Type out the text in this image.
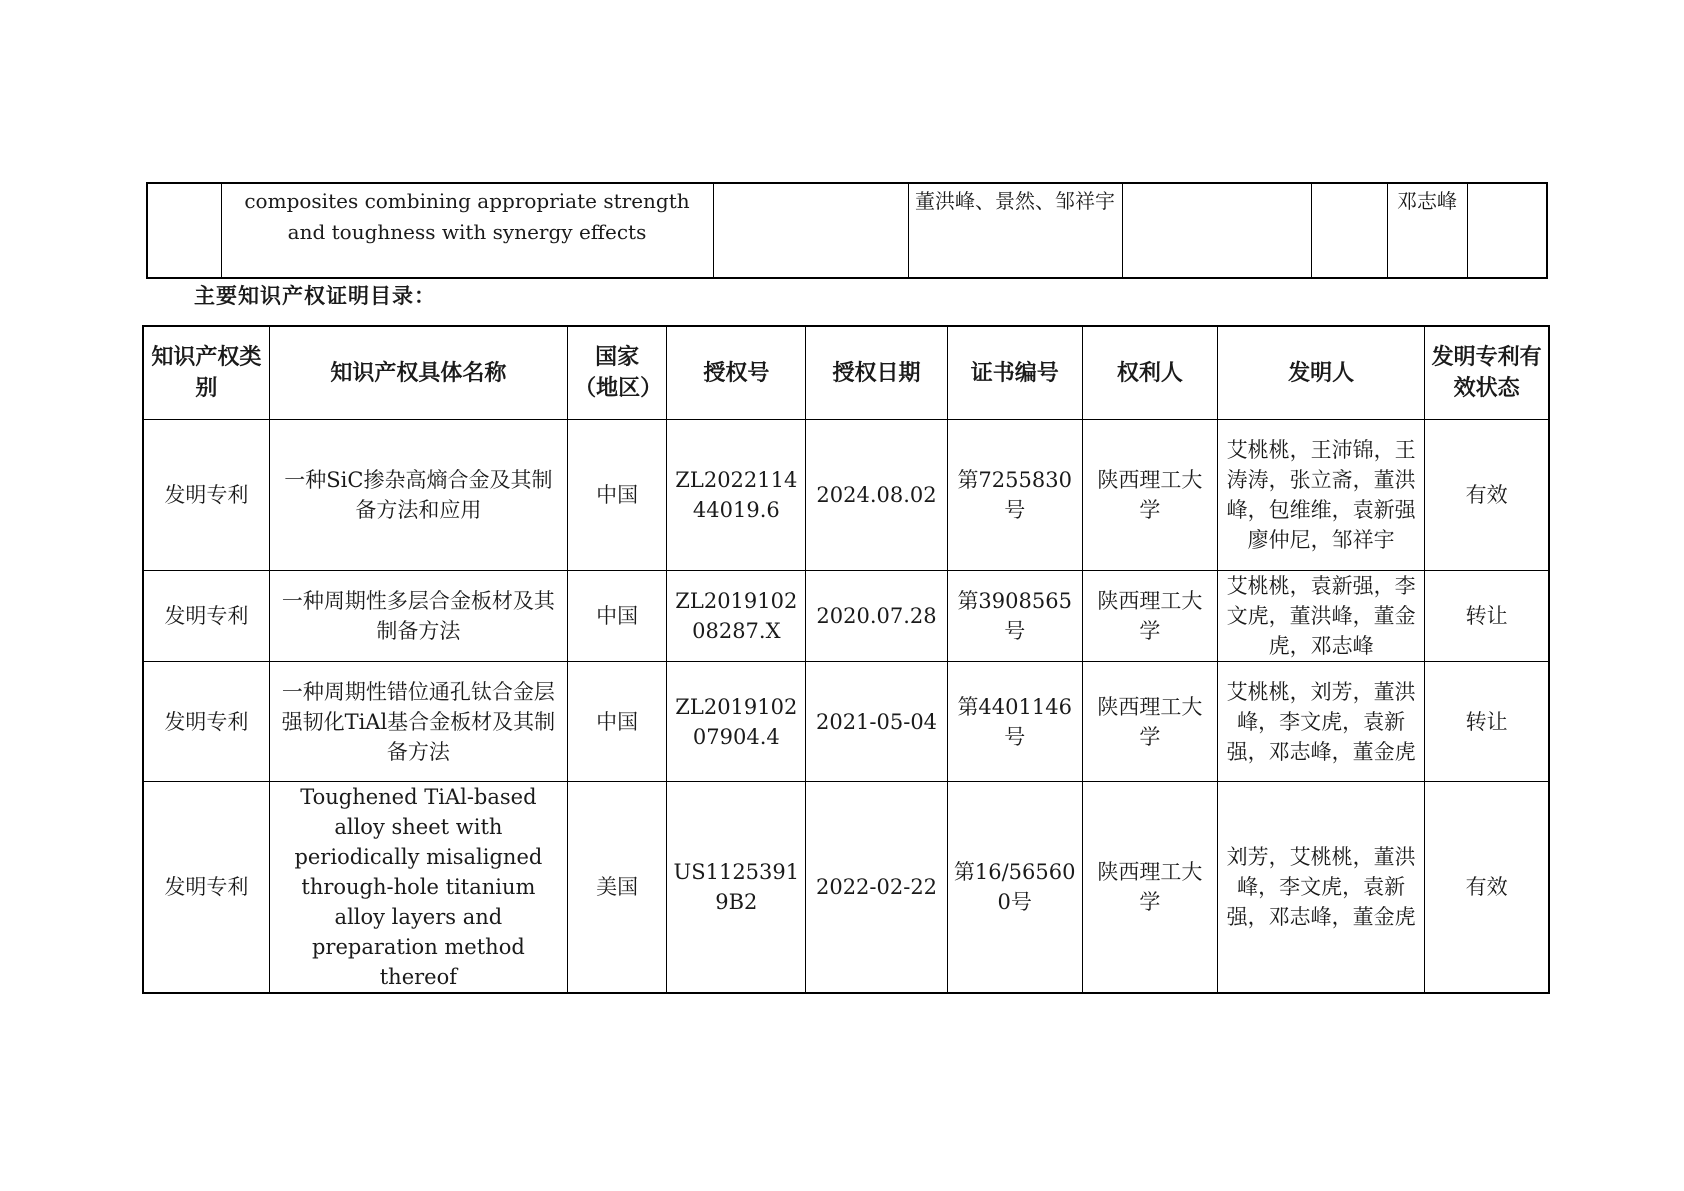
	composites combining appropriate strength and toughness with synergy effects		董洪峰、景然、邹祥宇			邓志峰	
主要知识产权证明目录：
知识产权类别	知识产权具体名称	国家（地区）	授权号	授权日期	证书编号	权利人	发明人	发明专利有效状态
发明专利	一种SiC掺杂高熵合金及其制备方法和应用	中国	ZL202211444019.6	2024.08.02	第7255830号	陕西理工大学	艾桃桃，王沛锦，王涛涛，张立斋，董洪峰，包维维，袁新强 廖仲尼，邹祥宇	有效
发明专利	一种周期性多层合金板材及其制备方法	中国	ZL201910208287.X	2020.07.28	第3908565号	陕西理工大学	艾桃桃，袁新强，李文虎，董洪峰，董金虎，邓志峰	转让
发明专利	一种周期性错位通孔钛合金层强韧化TiAl基合金板材及其制备方法	中国	ZL201910207904.4	2021-05-04	第4401146号	陕西理工大学	艾桃桃，刘芳，董洪峰，李文虎，袁新强，邓志峰，董金虎	转让
发明专利	Toughened TiAl-based alloy sheet with periodically misaligned through-hole titanium alloy layers and preparation method thereof	美国	US11253919B2	2022-02-22	第16/565600号	陕西理工大学	刘芳，艾桃桃，董洪峰，李文虎，袁新强，邓志峰，董金虎	有效
